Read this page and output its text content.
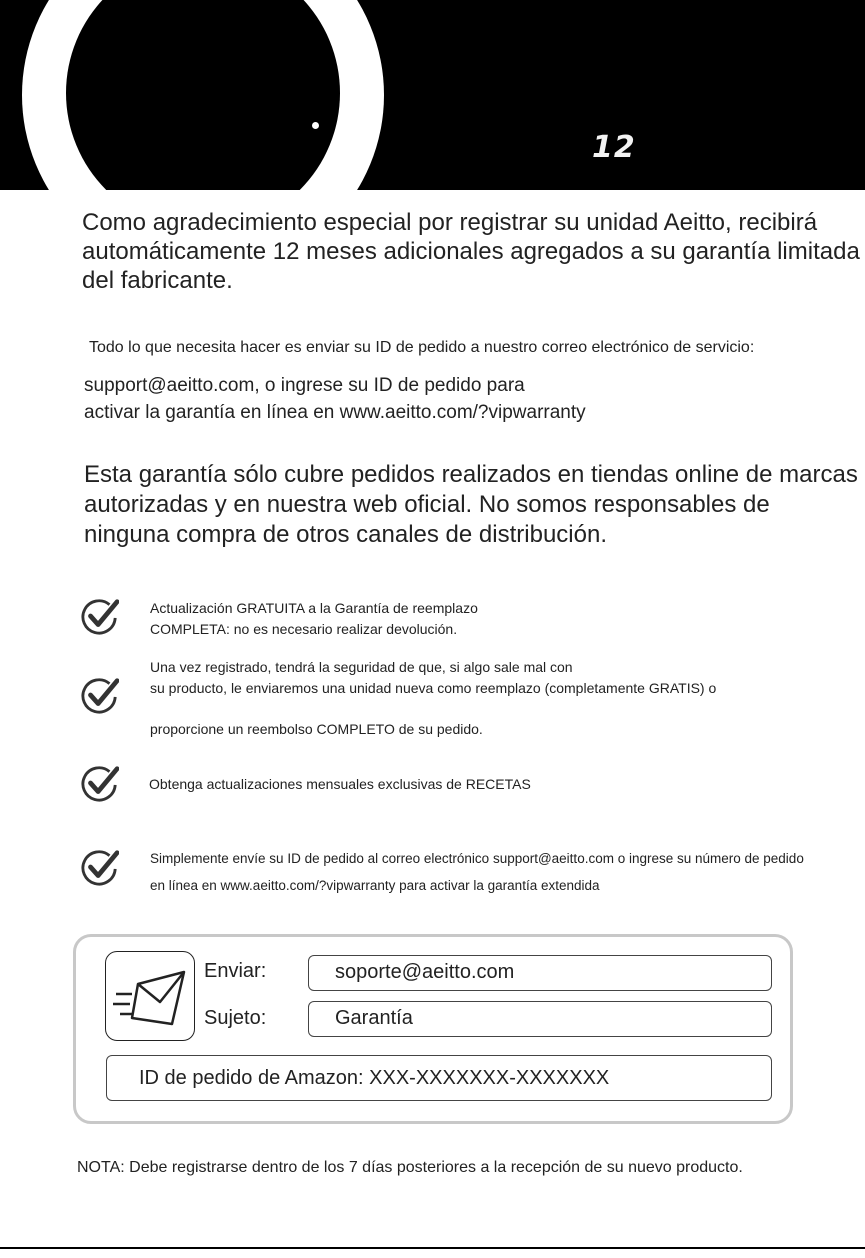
12
Como agradecimiento especial por registrar su unidad Aeitto, recibirá automáticamente 12 meses adicionales agregados a su garantía limitada del fabricante.
Todo lo que necesita hacer es enviar su ID de pedido a nuestro correo electrónico de servicio:
support@aeitto.com, o ingrese su ID de pedido para
activar la garantía en línea en www.aeitto.com/?vipwarranty
Esta garantía sólo cubre pedidos realizados en tiendas online de marcas autorizadas y en nuestra web oficial. No somos responsables de ninguna compra de otros canales de distribución.
Actualización GRATUITA a la Garantía de reemplazo
COMPLETA: no es necesario realizar devolución.
Una vez registrado, tendrá la seguridad de que, si algo sale mal con
su producto, le enviaremos una unidad nueva como reemplazo (completamente GRATIS) o
proporcione un reembolso COMPLETO de su pedido.
Obtenga actualizaciones mensuales exclusivas de RECETAS
Simplemente envíe su ID de pedido al correo electrónico support@aeitto.com o ingrese su número de pedido
en línea en www.aeitto.com/?vipwarranty para activar la garantía extendida
Enviar:	soporte@aeitto.com
Sujeto:	Garantía
ID de pedido de Amazon: XXX-XXXXXXX-XXXXXXX
NOTA: Debe registrarse dentro de los 7 días posteriores a la recepción de su nuevo producto.
